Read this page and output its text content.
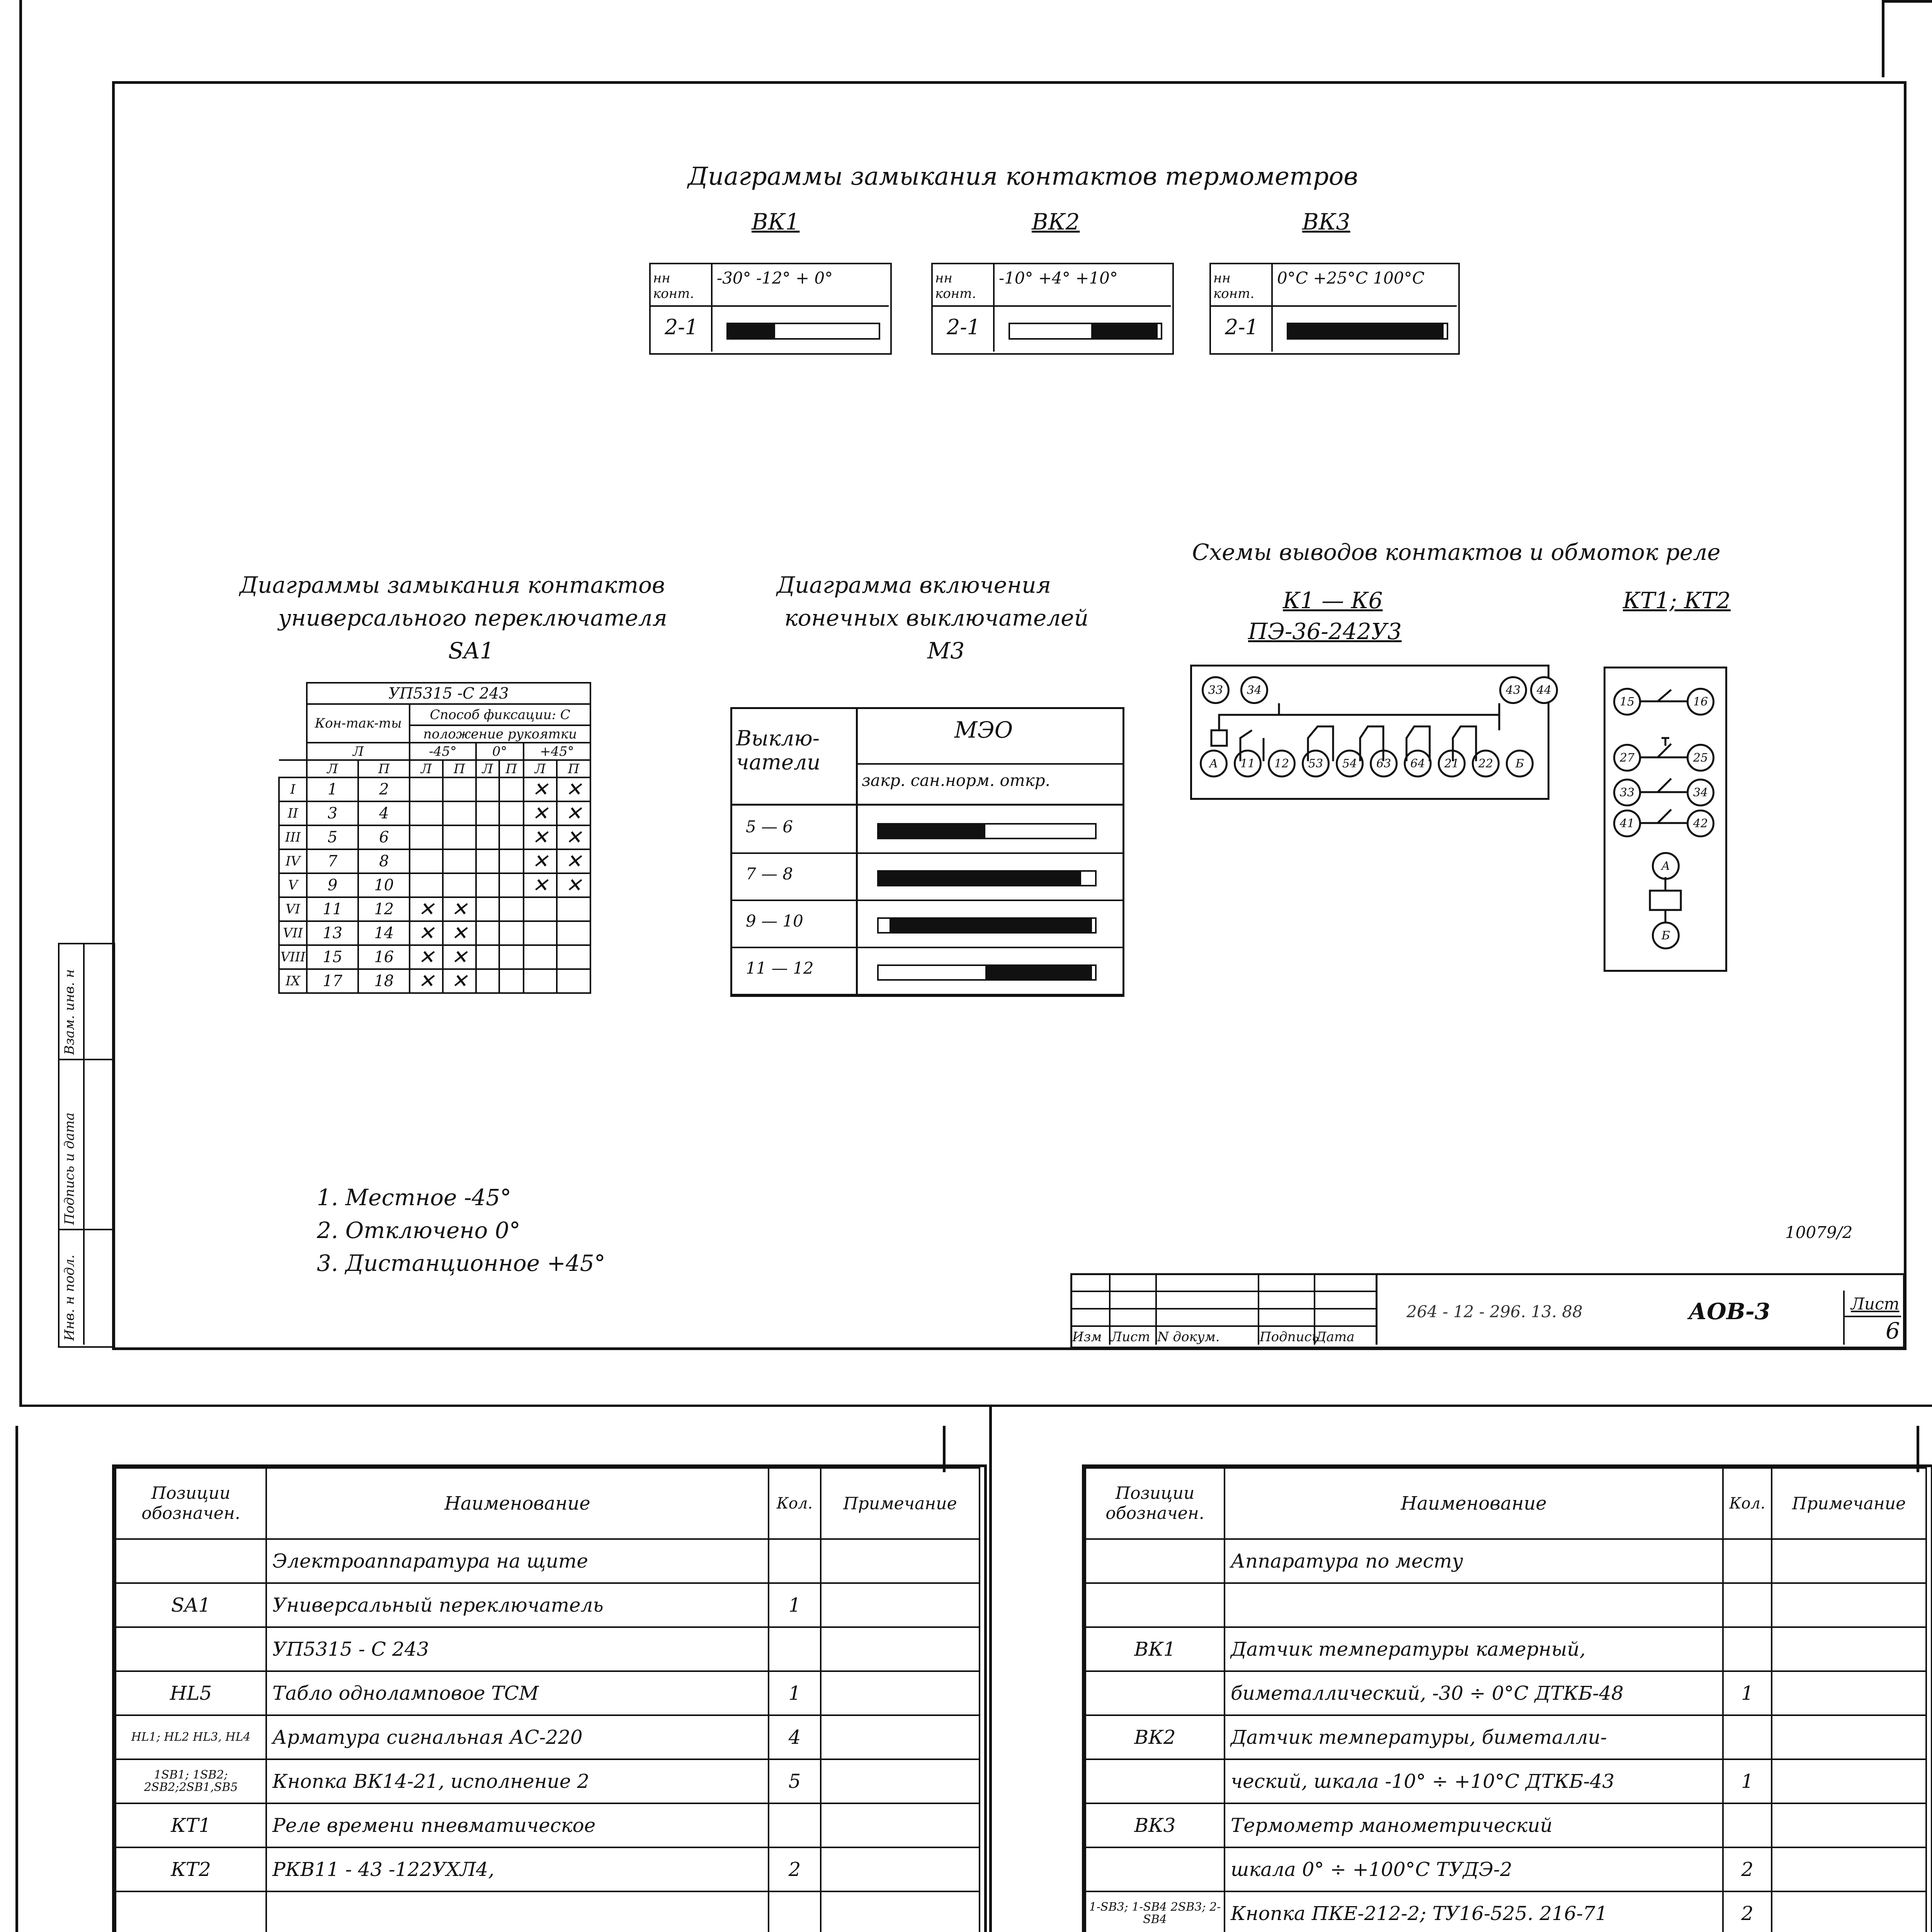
Инв. н подл.
Подпись и дата
Взам. инв. н
Диаграммы замыкания контактов термометров
ВК1
нн конт.
-30° -12° + 0°
2-1
ВК2
нн конт.
-10° +4° +10°
2-1
ВК3
нн конт.
0°С +25°С 100°С
2-1
Диаграммы замыкания контактов
универсального переключателя
SA1
	УП5315 -С 243							
	Кон-так-ты		Способ фиксации: С					
			положение рукоятки					
	Л		-45°		0°		+45°	
	Л	П	Л	П	Л	П	Л	П
I	1	2					✕	✕
II	3	4					✕	✕
III	5	6					✕	✕
IV	7	8					✕	✕
V	9	10					✕	✕
VI	11	12	✕	✕				
VII	13	14	✕	✕				
VIII	15	16	✕	✕				
IX	17	18	✕	✕				
Диаграмма включения
конечных выключателей
М3
Выклю-чатели
МЭО
закр. сан.норм. откр.
5 — 6
7 — 8
9 — 10
11 — 12
Схемы выводов контактов и обмоток реле
К1 — К6
ПЭ-36-242У3
КТ1; КТ2
33	34	43	44
А	11	12	53	54	63	64	21	22	Б
15	16
27	25
33	34
41	42
А
Б
1. Местное -45°
2. Отключено 0°
3. Дистанционное +45°
10079/2
Изм Лист N докум.	Подпись
Дата
264 - 12 - 296. 13. 88	АОВ-3	Лист
6
Позиции обозначен.	Наименование	Кол.	Примечание
	Электроаппаратура на щите		
SA1	Универсальный переключатель	1	
	УП5315 - С 243		
HL5	Табло одноламповое ТСМ	1	
HL1; HL2 HL3, HL4	Арматура сигнальная АС-220	4	
1SB1; 1SB2; 2SB2;2SB1,SB5	Кнопка ВК14-21, исполнение 2	5	
КТ1	Реле времени пневматическое		
КТ2	РКВ11 - 43 -122УХЛ4,	2	

Позиции обозначен.	Наименование	Кол.	Примечание
	Аппаратура по месту		

ВК1	Датчик температуры камерный,		
	биметаллический, -30 ÷ 0°С ДТКБ-48	1	
ВК2	Датчик температуры, биметалли-		
	ческий, шкала -10° ÷ +10°С ДТКБ-43	1	
ВК3	Термометр манометрический		
	шкала 0° ÷ +100°С ТУДЭ-2	2	
1-SB3; 1-SB4 2SB3; 2-SB4	Кнопка ПКЕ-212-2; ТУ16-525. 216-71	2	
